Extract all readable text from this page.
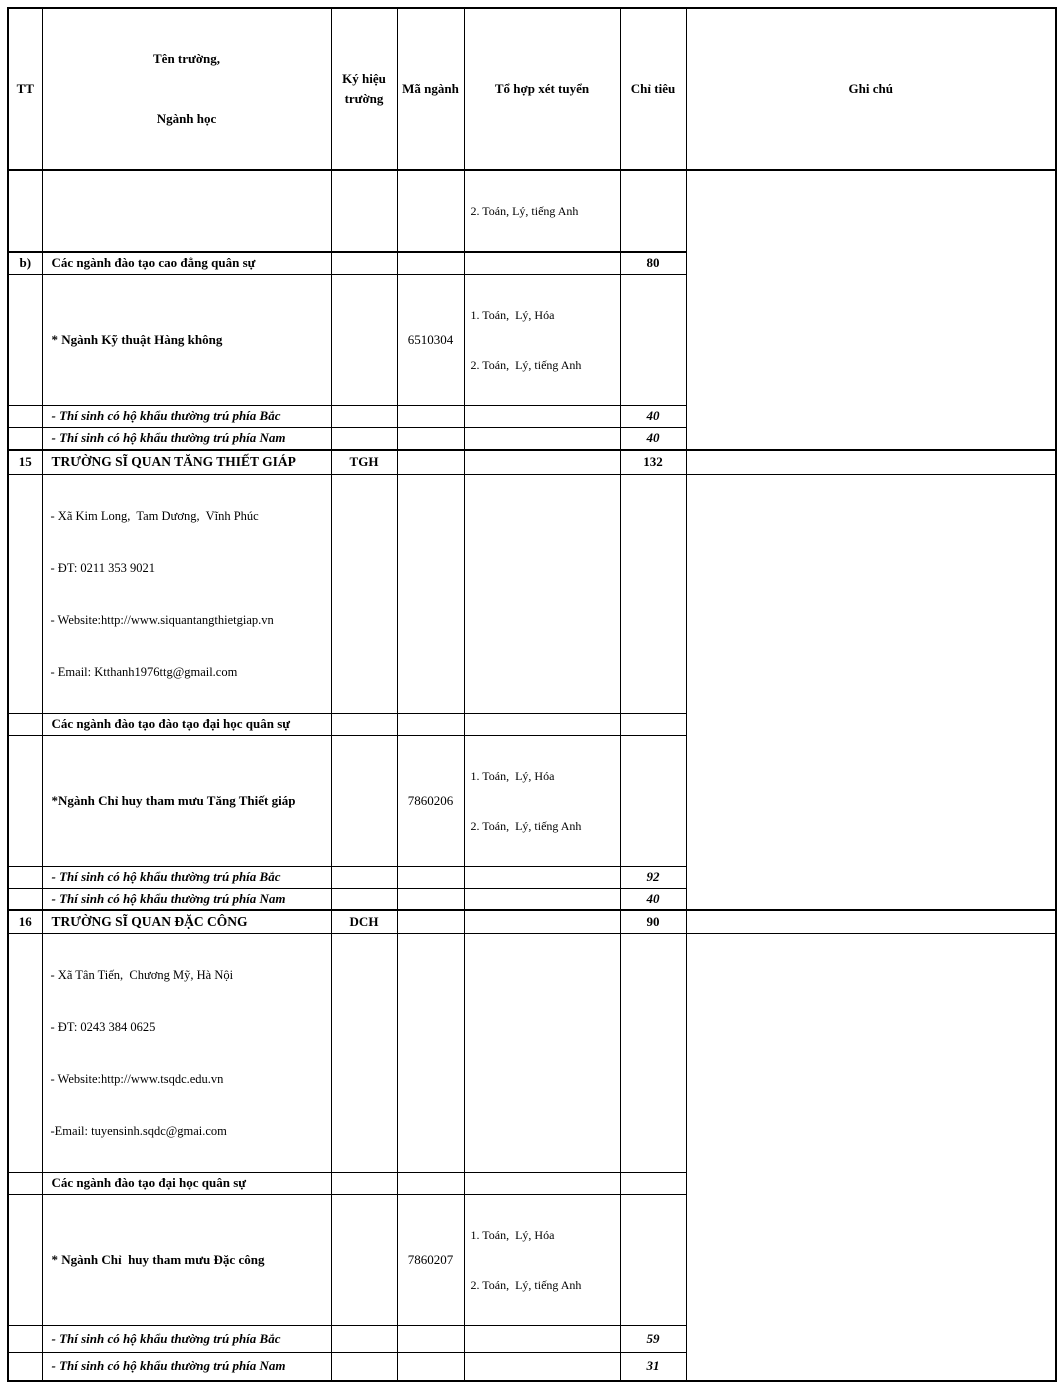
TT	Tên trường,

Ngành học	Ký hiệu trường	Mã ngành	Tổ hợp xét tuyển	Chỉ tiêu	Ghi chú

				2. Toán, Lý, tiếng Anh		

b)	Các ngành đào tạo cao đẳng quân sự				80	
	* Ngành Kỹ thuật Hàng không		6510304	1. Toán,  Lý, Hóa

2. Toán,  Lý, tiếng Anh		

	- Thí sinh có hộ khẩu thường trú phía Bắc				40	
	- Thí sinh có hộ khẩu thường trú phía Nam				40	
15	TRƯỜNG SĨ QUAN TĂNG THIẾT GIÁP	TGH			132	

	- Xã Kim Long,  Tam Dương,  Vĩnh Phúc

- ĐT: 0211 353 9021

- Website:http://www.siquantangthietgiap.vn

- Email: Ktthanh1976ttg@gmail.com					

	Các ngành đào tạo đào tạo đại học quân sự					
	*Ngành Chỉ huy tham mưu Tăng Thiết giáp		7860206	1. Toán,  Lý, Hóa

2. Toán,  Lý, tiếng Anh		

	- Thí sinh có hộ khẩu thường trú phía Bắc				92	
	- Thí sinh có hộ khẩu thường trú phía Nam				40	
16	TRƯỜNG SĨ QUAN ĐẶC CÔNG	DCH			90	

	- Xã Tân Tiến,  Chương Mỹ, Hà Nội

- ĐT: 0243 384 0625

- Website:http://www.tsqdc.edu.vn

-Email: tuyensinh.sqdc@gmai.com					

	Các ngành đào tạo đại học quân sự					
	* Ngành Chỉ  huy tham mưu Đặc công		7860207	1. Toán,  Lý, Hóa

2. Toán,  Lý, tiếng Anh		

	- Thí sinh có hộ khẩu thường trú phía Bắc				59	
	- Thí sinh có hộ khẩu thường trú phía Nam				31	
